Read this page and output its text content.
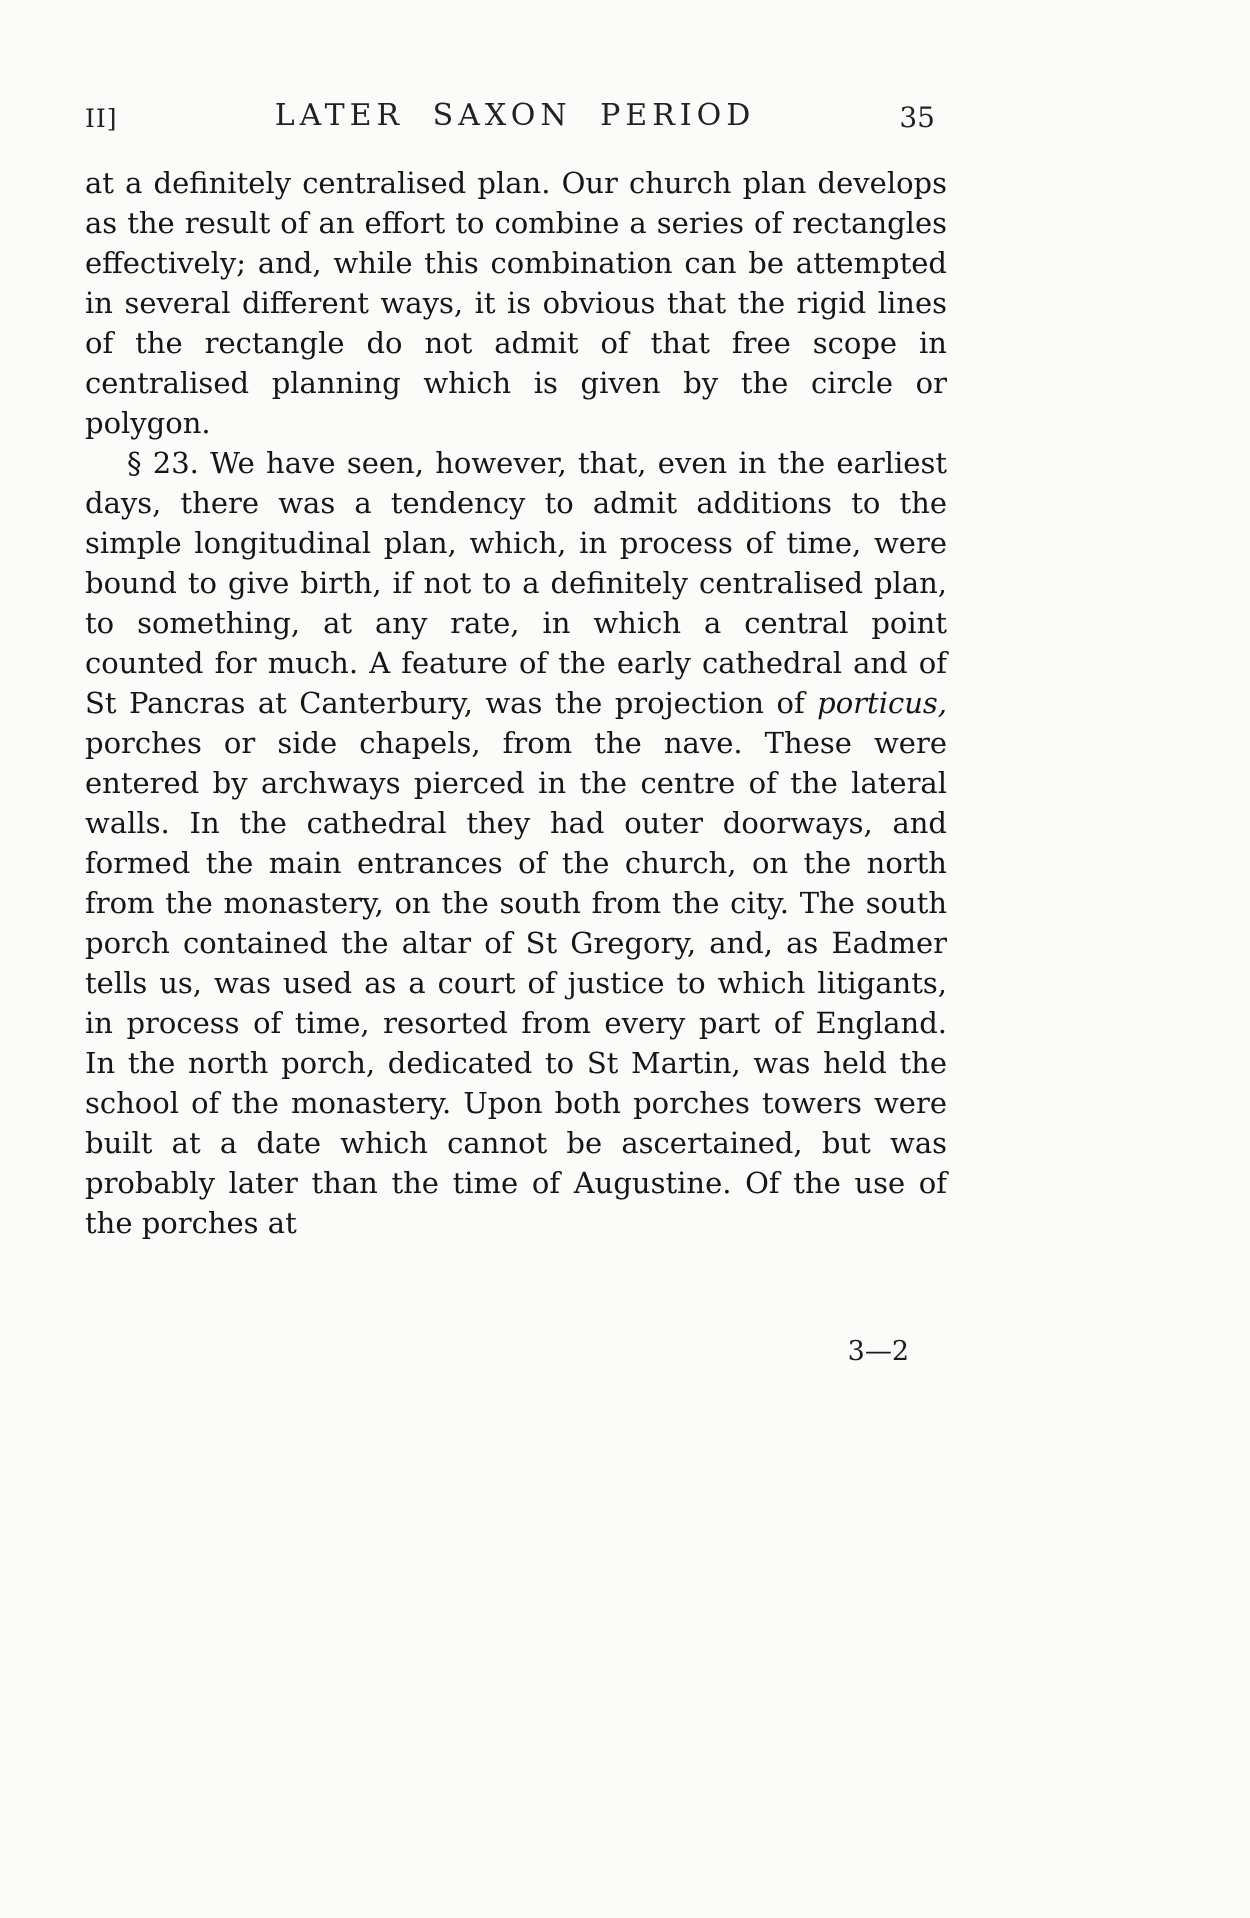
II]	LATER SAXON PERIOD	35

at a definitely centralised plan. Our church plan develops as the result of an effort to combine a series of rectangles effectively; and, while this combination can be attempted in several different ways, it is obvious that the rigid lines of the rectangle do not admit of that free scope in centralised planning which is given by the circle or polygon.

§ 23. We have seen, however, that, even in the earliest days, there was a tendency to admit additions to the simple longitudinal plan, which, in process of time, were bound to give birth, if not to a definitely centralised plan, to something, at any rate, in which a central point counted for much. A feature of the early cathedral and of St Pancras at Canterbury, was the projection of porticus, porches or side chapels, from the nave. These were entered by archways pierced in the centre of the lateral walls. In the cathedral they had outer doorways, and formed the main entrances of the church, on the north from the monastery, on the south from the city. The south porch contained the altar of St Gregory, and, as Eadmer tells us, was used as a court of justice to which litigants, in process of time, resorted from every part of England. In the north porch, dedicated to St Martin, was held the school of the monastery. Upon both porches towers were built at a date which cannot be ascertained, but was probably later than the time of Augustine. Of the use of the porches at

3—2
